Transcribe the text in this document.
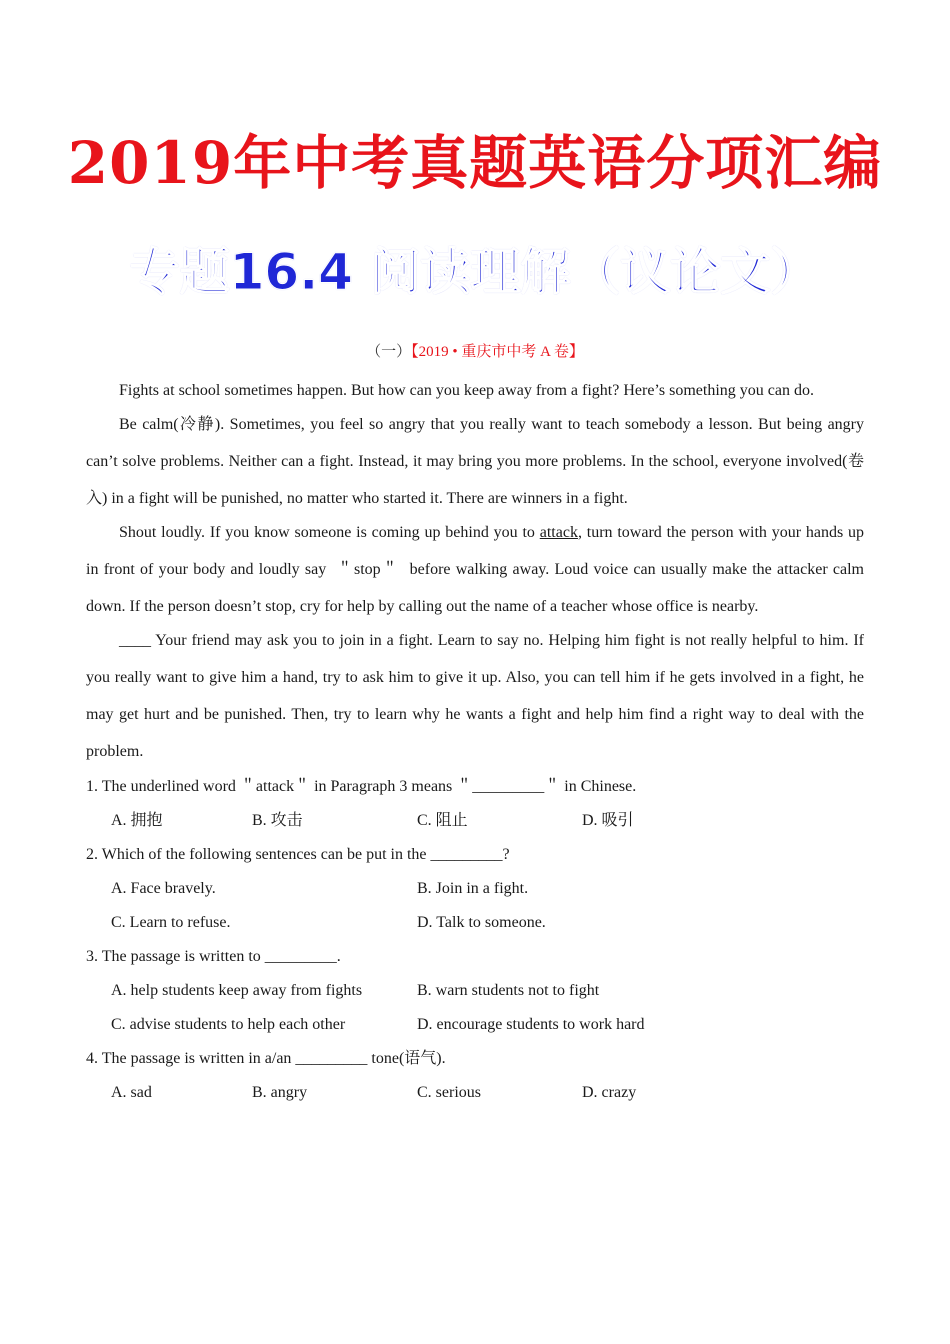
2019年中考真题英语分项汇编
专题16.4 阅读理解（议论文）
（一）【2019 • 重庆市中考 A 卷】

Fights at school sometimes happen. But how can you keep away from a fight? Here’s something you can do.

Be calm(冷静). Sometimes, you feel so angry that you really want to teach somebody a lesson. But being angry can’t solve problems. Neither can a fight. Instead, it may bring you more problems. In the school, everyone involved(卷入) in a fight will be punished, no matter who started it. There are winners in a fight.

Shout loudly. If you know someone is coming up behind you to attack, turn toward the person with your hands up in front of your body and loudly say  ＂stop＂  before walking away. Loud voice can usually make the attacker calm down. If the person doesn’t stop, cry for help by calling out the name of a teacher whose office is nearby.

____ Your friend may ask you to join in a fight. Learn to say no. Helping him fight is not really helpful to him. If you really want to give him a hand, try to ask him to give it up. Also, you can tell him if he gets involved in a fight, he may get hurt and be punished. Then, try to learn why he wants a fight and help him find a right way to deal with the problem.

1. The underlined word ＂attack＂ in Paragraph 3 means ＂_________＂ in Chinese.

A. 拥抱	B. 攻击	C. 阻止	D. 吸引

2. Which of the following sentences can be put in the _________?

A. Face bravely.	B. Join in a fight.
C. Learn to refuse.	D. Talk to someone.

3. The passage is written to _________.

A. help students keep away from fights	B. warn students not to fight
C. advise students to help each other	D. encourage students to work hard

4. The passage is written in a/an _________ tone(语气).

A. sad	B. angry	C. serious	D. crazy
